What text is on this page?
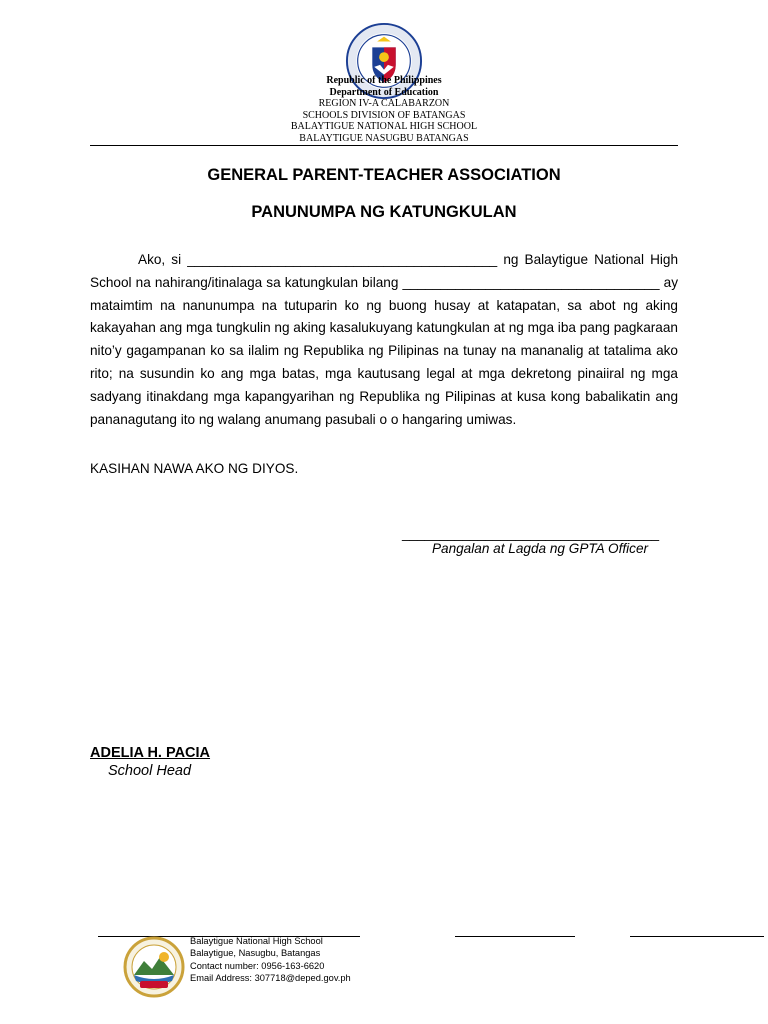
Republic of the Philippines
Department of Education
REGION IV-A CALABARZON
SCHOOLS DIVISION OF BATANGAS
BALAYTIGUE NATIONAL HIGH SCHOOL
BALAYTIGUE NASUGBU BATANGAS
GENERAL PARENT-TEACHER ASSOCIATION
PANUNUMPA NG KATUNGKULAN

Ako, si _________________________________________ ng Balaytigue National High School na nahirang/itinalaga sa katungkulan bilang __________________________________ ay mataimtim na nanunumpa na tutuparin ko ng buong husay at katapatan, sa abot ng aking kakayahan ang mga tungkulin ng aking kasalukuyang katungkulan at ng mga iba pang pagkaraan nito’y gagampanan ko sa ilalim ng Republika ng Pilipinas na tunay na mananalig at tatalima ako rito; na susundin ko ang mga batas, mga kautusang legal at mga dekretong pinaiiral ng mga sadyang itinakdang mga kapangyarihan ng Republika ng Pilipinas at kusa kong babalikatin ang pananagutang ito ng walang anumang pasubali o o hangaring umiwas.

KASIHAN NAWA AKO NG DIYOS.
__________________________________
Pangalan at Lagda ng GPTA Officer
ADELIA H. PACIA
School Head
Balaytigue National High School
Balaytigue, Nasugbu, Batangas
Contact number: 0956-163-6620
Email Address: 307718@deped.gov.ph
